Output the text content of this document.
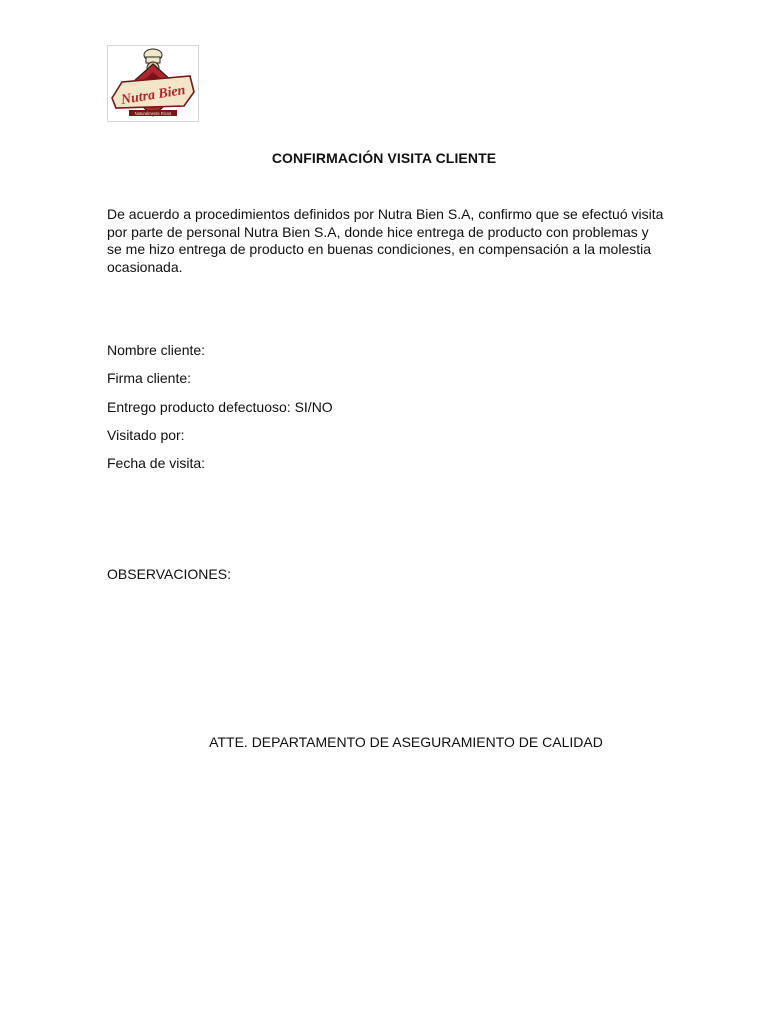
Nutra Bien
Naturalmente Ricos
CONFIRMACIÓN VISITA CLIENTE

De acuerdo a procedimientos definidos por Nutra Bien S.A, confirmo que se efectuó visita por parte de personal Nutra Bien S.A, donde hice entrega de producto con problemas y se me hizo entrega de producto en buenas condiciones, en compensación a la molestia ocasionada.

Nombre cliente:
Firma cliente:
Entrego producto defectuoso: SI/NO
Visitado por:
Fecha de visita:
OBSERVACIONES:
ATTE. DEPARTAMENTO DE ASEGURAMIENTO DE CALIDAD
